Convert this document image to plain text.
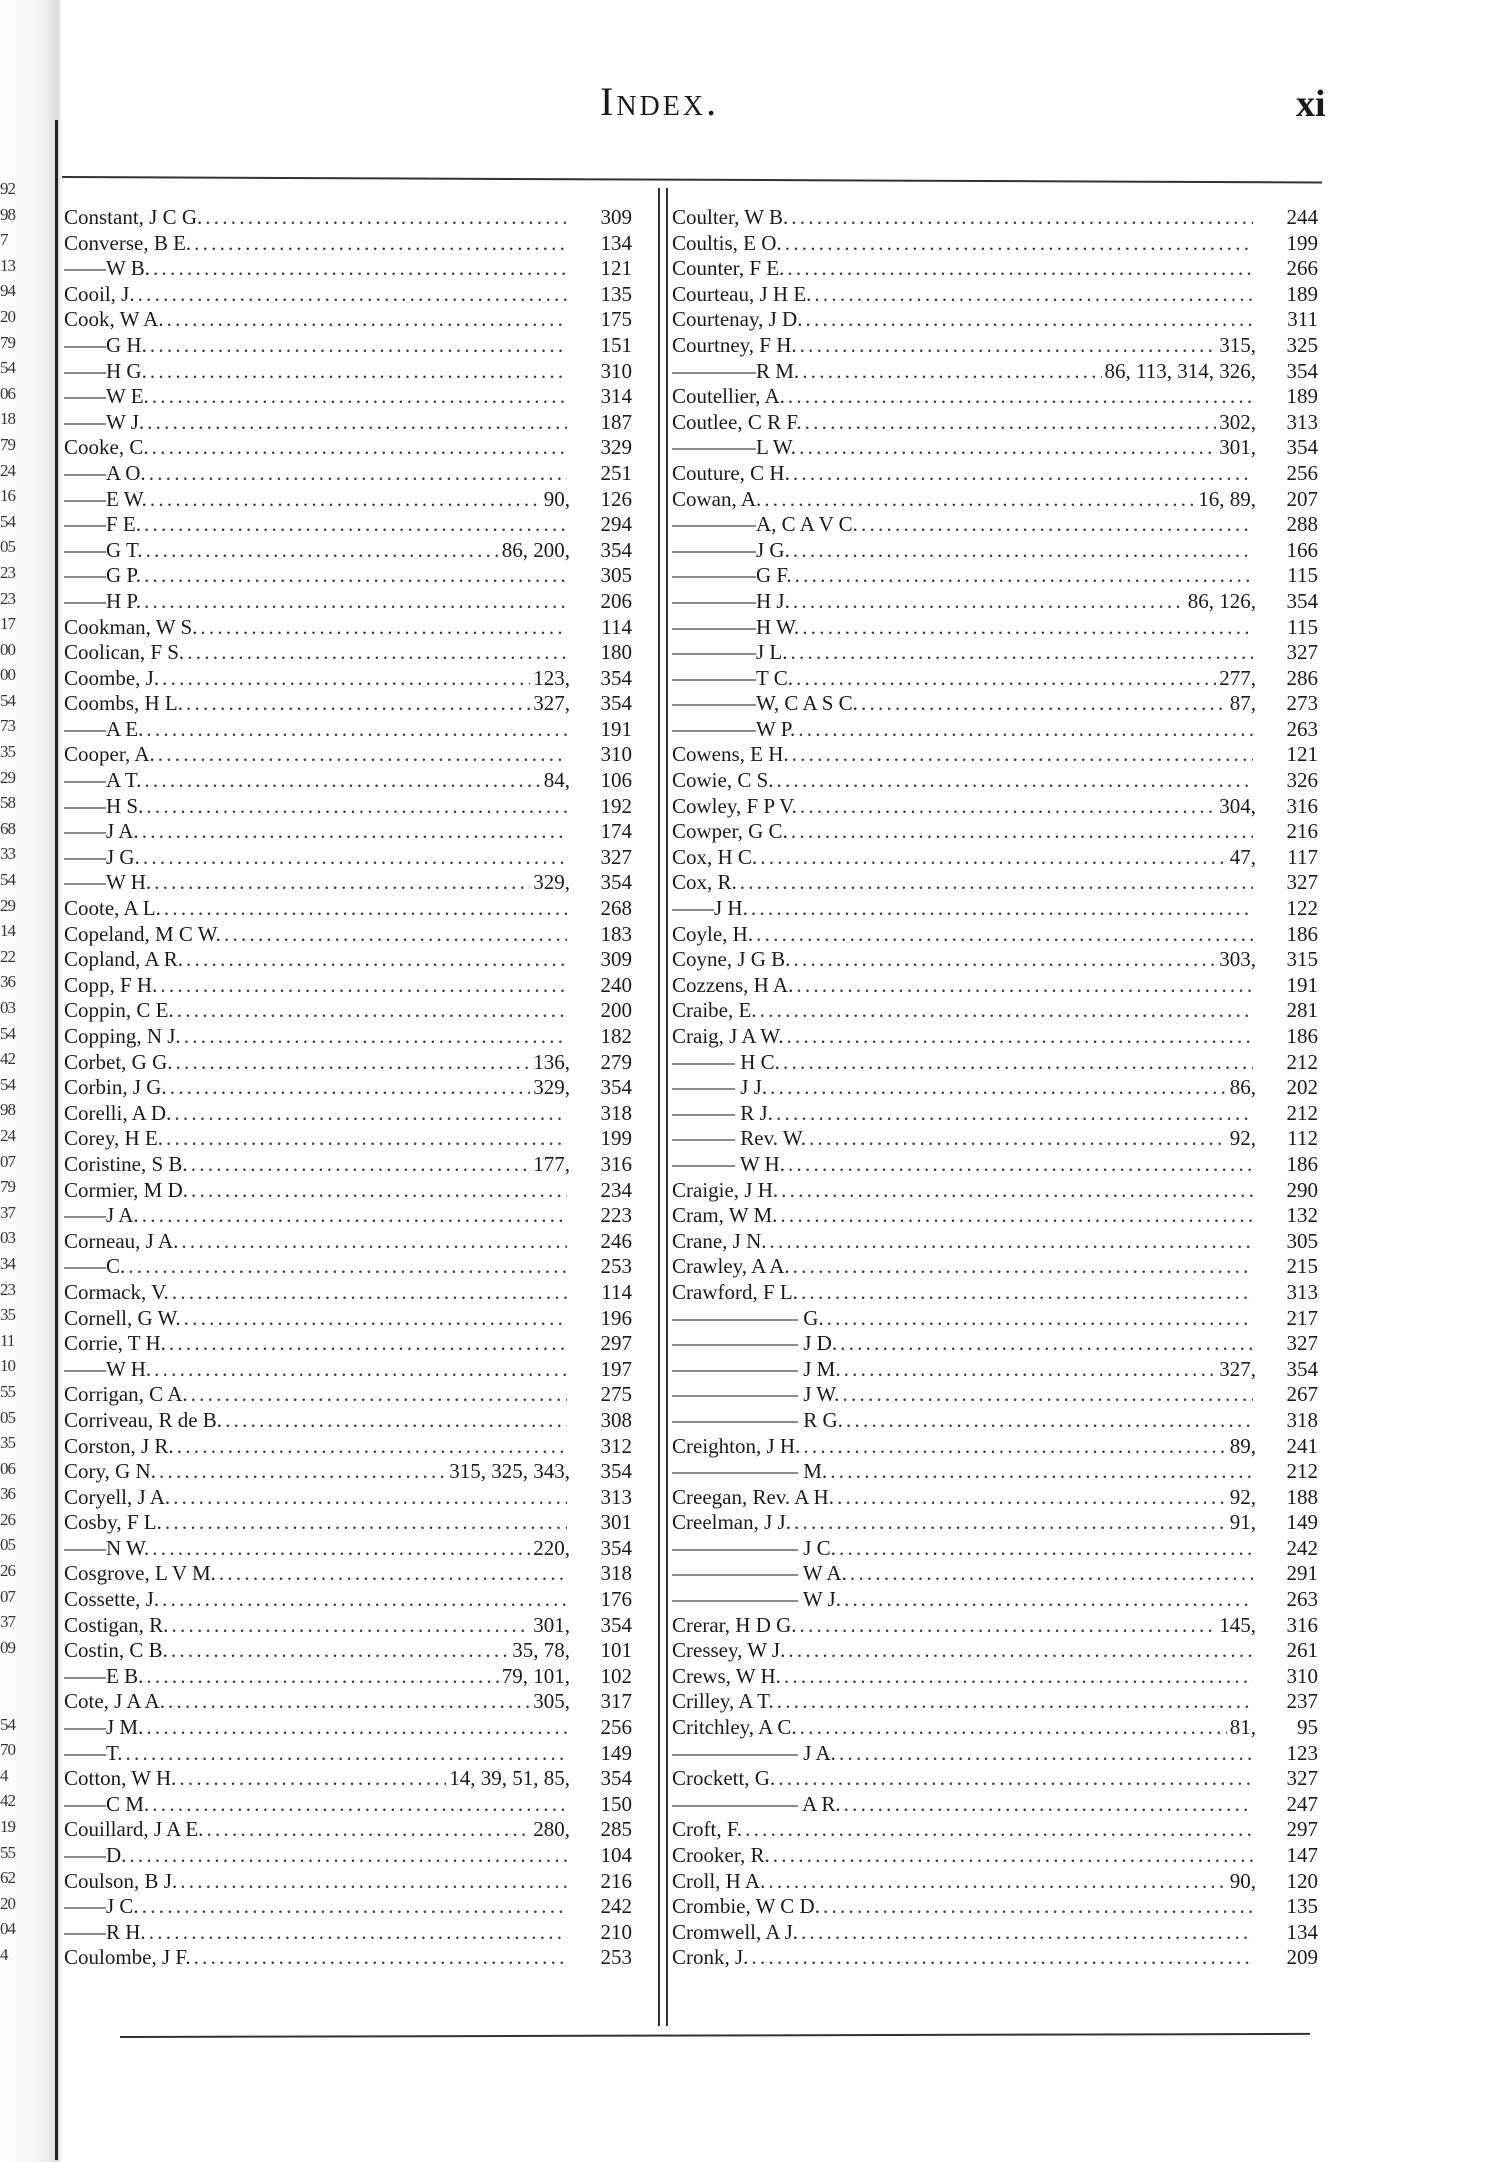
92
98
7
13
94
20
79
54
06
18
79
24
16
54
05
23
23
17
00
00
54
73
35
29
58
68
33
54
29
14
22
36
03
54
42
54
98
24
07
79
37
03
34
23
35
11
10
55
05
35
06
36
26
05
26
07
37
09
54
70
4
42
19
55
62
20
04
4
Index.	xi
Constant, J C G. . . .	309
Converse, B E. . . .	134
——W B. . . .	121
Cooil, J. . . .	135
Cook, W A. . . .	175
——G H. . . .	151
——H G. . . .	310
——W E. . . .	314
——W J. . . .	187
Cooke, C. . . .	329
——A O. . . .	251
——E W. . . .	90,	126
——F E. . . .	294
——G T. . . .	86, 200,	354
——G P. . . .	305
——H P. . . .	206
Cookman, W S. . . .	114
Coolican, F S. . . .	180
Coombe, J. . . .	123,	354
Coombs, H L. . . .	327,	354
——A E. . . .	191
Cooper, A. . . .	310
——A T. . . .	84,	106
——H S. . . .	192
——J A. . . .	174
——J G. . . .	327
——W H. . . .	329,	354
Coote, A L. . . .	268
Copeland, M C W. . . .	183
Copland, A R. . . .	309
Copp, F H. . . .	240
Coppin, C E. . . .	200
Copping, N J. . . .	182
Corbet, G G. . . .	136,	279
Corbin, J G. . . .	329,	354
Corelli, A D. . . .	318
Corey, H E. . . .	199
Coristine, S B. . . .	177,	316
Cormier, M D. . . .	234
——J A. . . .	223
Corneau, J A. . . .	246
——C. . . .	253
Cormack, V. . . .	114
Cornell, G W. . . .	196
Corrie, T H. . . .	297
——W H. . . .	197
Corrigan, C A. . . .	275
Corriveau, R de B. . . .	308
Corston, J R. . . .	312
Cory, G N. . . .	315, 325, 343,	354
Coryell, J A. . . .	313
Cosby, F L. . . .	301
——N W. . . .	220,	354
Cosgrove, L V M. . . .	318
Cossette, J. . . .	176
Costigan, R. . . .	301,	354
Costin, C B. . . .	35, 78,	101
——E B. . . .	79, 101,	102
Cote, J A A. . . .	305,	317
——J M. . . .	256
——T. . . .	149
Cotton, W H. . . .	14, 39, 51, 85,	354
——C M. . . .	150
Couillard, J A E. . . .	280,	285
——D. . . .	104
Coulson, B J. . . .	216
——J C. . . .	242
——R H. . . .	210
Coulombe, J F. . . .	253
Coulter, W B. . . .	244
Coultis, E O. . . .	199
Counter, F E. . . .	266
Courteau, J H E. . . .	189
Courtenay, J D. . . .	311
Courtney, F H. . . .	315,	325
————R M. . . .	86, 113, 314, 326,	354
Coutellier, A. . . .	189
Coutlee, C R F. . . .	302,	313
————L W. . . .	301,	354
Couture, C H. . . .	256
Cowan, A. . . .	16, 89,	207
————A, C A V C. . . .	288
————J G. . . .	166
————G F. . . .	115
————H J. . . .	86, 126,	354
————H W. . . .	115
————J L. . . .	327
————T C. . . .	277,	286
————W, C A S C. . . .	87,	273
————W P. . . .	263
Cowens, E H. . . .	121
Cowie, C S. . . .	326
Cowley, F P V. . . .	304,	316
Cowper, G C. . . .	216
Cox, H C. . . .	47,	117
Cox, R. . . .	327
——J H. . . .	122
Coyle, H. . . .	186
Coyne, J G B. . . .	303,	315
Cozzens, H A. . . .	191
Craibe, E. . . .	281
Craig, J A W. . . .	186
——— H C. . . .	212
——— J J. . . .	86,	202
——— R J. . . .	212
——— Rev. W. . . .	92,	112
——— W H. . . .	186
Craigie, J H. . . .	290
Cram, W M. . . .	132
Crane, J N. . . .	305
Crawley, A A. . . .	215
Crawford, F L. . . .	313
—————— G. . . .	217
—————— J D. . . .	327
—————— J M. . . .	327,	354
—————— J W. . . .	267
—————— R G. . . .	318
Creighton, J H. . . .	89,	241
—————— M. . . .	212
Creegan, Rev. A H. . . .	92,	188
Creelman, J J. . . .	91,	149
—————— J C. . . .	242
—————— W A. . . .	291
—————— W J. . . .	263
Crerar, H D G. . . .	145,	316
Cressey, W J. . . .	261
Crews, W H. . . .	310
Crilley, A T. . . .	237
Critchley, A C. . . .	81,	95
—————— J A. . . .	123
Crockett, G. . . .	327
—————— A R. . . .	247
Croft, F. . . .	297
Crooker, R. . . .	147
Croll, H A. . . .	90,	120
Crombie, W C D. . . .	135
Cromwell, A J. . . .	134
Cronk, J. . . .	209
